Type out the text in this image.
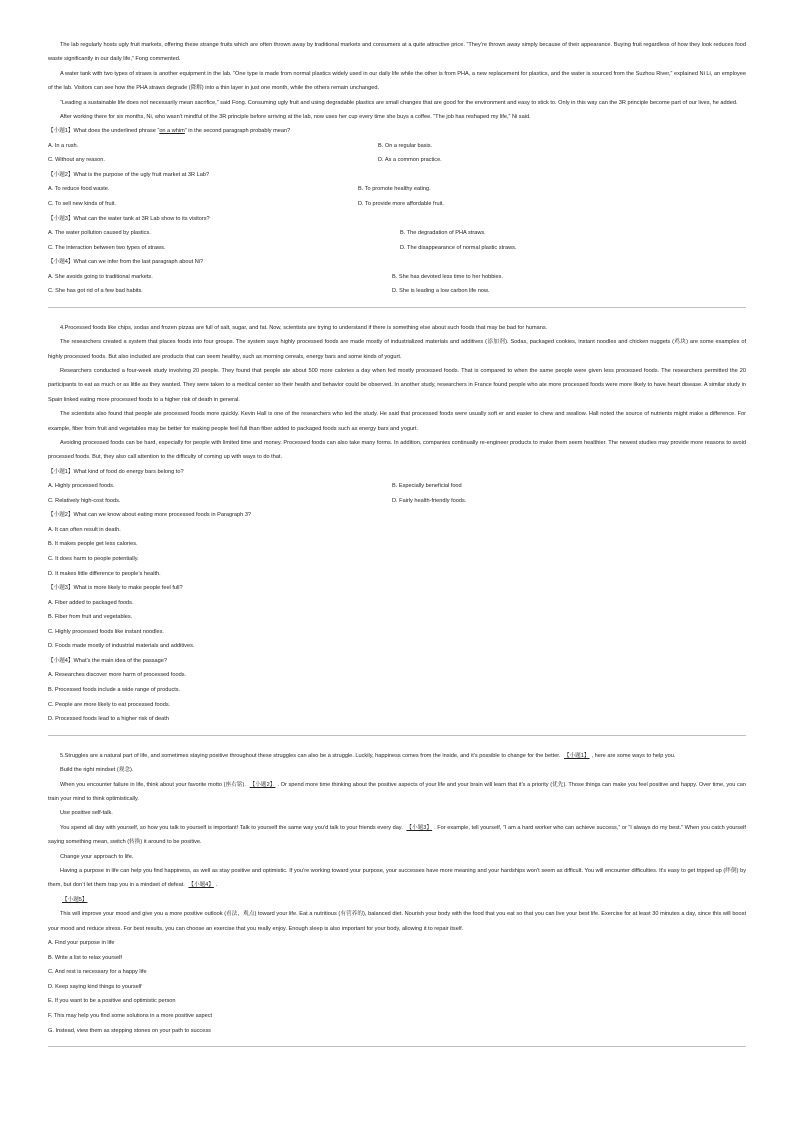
The lab regularly hosts ugly fruit markets, offering these strange fruits which are often thrown away by traditional markets and consumers at a quite attractive price. “They’re thrown away simply because of their appearance. Buying fruit regardless of how they look reduces food waste significantly in our daily life,” Fong commented.

A water tank with two types of straws is another equipment in the lab. “One type is made from normal plastics widely used in our daily life while the other is from PHA, a new replacement for plastics, and the water is sourced from the Suzhou River,” explained Ni Li, an employee of the lab. Visitors can see how the PHA straws degrade (降解) into a thin layer in just one month, while the others remain unchanged.

“Leading a sustainable life does not necessarily mean sacrifice,” said Fong. Consuming ugly fruit and using degradable plastics are small changes that are good for the environment and easy to stick to. Only in this way can the 3R principle become part of our lives, he added.

After working there for six months, Ni, who wasn’t mindful of the 3R principle before arriving at the lab, now uses her cup every time she buys a coffee. “The job has reshaped my life,” Ni said.

【小题1】What does the underlined phrase “on a whim” in the second paragraph probably mean?

A. In a rush.	B. On a regular basis.
C. Without any reason.	D. As a common practice.

【小题2】What is the purpose of the ugly fruit market at 3R Lab?

A. To reduce food waste.	B. To promote healthy eating.
C. To sell new kinds of fruit.	D. To provide more affordable fruit.

【小题3】What can the water tank at 3R Lab show to its visitors?

A. The water pollution caused by plastics.	B. The degradation of PHA straws.
C. The interaction between two types of straws.	D. The disappearance of normal plastic straws.

【小题4】What can we infer from the last paragraph about Ni?

A. She avoids going to traditional markets.	B. She has devoted less time to her hobbies.
C. She has got rid of a few bad habits.	D. She is leading a low carbon life now.

4.Processed foods like chips, sodas and frozen pizzas are full of salt, sugar, and fat. Now, scientists are trying to understand if there is something else about such foods that may be bad for humans.

The researchers created a system that places foods into four groups. The system says highly processed foods are made mostly of industrialized materials and additives (添加剂). Sodas, packaged cookies, instant noodles and chicken nuggets (鸡块) are some examples of highly processed foods. But also included are products that can seem healthy, such as morning cereals, energy bars and some kinds of yogurt.

Researchers conducted a four-week study involving 20 people. They found that people ate about 500 more calories a day when fed mostly processed foods. That is compared to when the same people were given less processed foods. The researchers permitted the 20 participants to eat as much or as little as they wanted. They were taken to a medical center so their health and behavior could be observed. In another study, researchers in France found people who ate more processed foods were more likely to have heart disease. A similar study in Spain linked eating more processed foods to a higher risk of death in general.

The scientists also found that people ate processed foods more quickly. Kevin Hall is one of the researchers who led the study. He said that processed foods were usually soft er and easier to chew and swallow. Hall noted the source of nutrients might make a difference. For example, fiber from fruit and vegetables may be better for making people feel full than fiber added to packaged foods such as energy bars and yogurt.

Avoiding processed foods can be hard, especially for people with limited time and money. Processed foods can also take many forms. In addition, companies continually re-engineer products to make them seem healthier. The newest studies may provide more reasons to avoid processed foods. But, they also call attention to the difficulty of coming up with ways to do that.

【小题1】What kind of food do energy bars belong to?

A. Highly processed foods.	B. Especially beneficial food
C. Relatively high-cost foods.	D. Fairly health-friendly foods.

【小题2】What can we know about eating more processed foods in Paragraph 3?

A. It can often result in death.

B. It makes people get less calories.

C. It does harm to people potentially.

D. It makes little difference to people’s health.

【小题3】What is more likely to make people feel full?

A. Fiber added to packaged foods.

B. Fiber from fruit and vegetables.

C. Highly processed foods like instant noodles.

D. Foods made mostly of industrial materials and additives.

【小题4】What’s the main idea of the passage?

A. Researches discover more harm of processed foods.

B. Processed foods include a wide range of products.

C. People are more likely to eat processed foods.

D. Processed foods lead to a higher risk of death

5.Struggles are a natural part of life, and sometimes staying positive throughout these struggles can also be a struggle. Luckily, happiness comes from the inside, and it’s possible to change for the better. 【小题1】 , here are some ways to help you.

Build the right mindset (观念).

When you encounter failure in life, think about your favorite motto (座右铭). 【小题2】 . Or spend more time thinking about the positive aspects of your life and your brain will learn that it’s a priority (优先). Those things can make you feel positive and happy. Over time, you can train your mind to think optimistically.

Use positive self-talk.

You spend all day with yourself, so how you talk to yourself is important! Talk to yourself the same way you’d talk to your friends every day. 【小题3】 . For example, tell yourself, “I am a hard worker who can achieve success,” or “I always do my best.” When you catch yourself saying something mean, switch (转换) it around to be positive.

Change your approach to life.

Having a purpose in life can help you find happiness, as well as stay positive and optimistic. If you’re working toward your purpose, your successes have more meaning and your hardships won’t seem as difficult. You will encounter difficulties. It’s easy to get tripped up (绊倒) by them, but don’t let them trap you in a mindset of defeat. 【小题4】 .

【小题5】

This will improve your mood and give you a more positive outlook (看法，观点) toward your life. Eat a nutritious (有营养的), balanced diet. Nourish your body with the food that you eat so that you can live your best life. Exercise for at least 30 minutes a day, since this will boost your mood and reduce stress. For best results, you can choose an exercise that you really enjoy. Enough sleep is also important for your body, allowing it to repair itself.

A. Find your purpose in life

B. Write a list to relax yourself

C. And rest is necessary for a happy life

D. Keep saying kind things to yourself

E. If you want to be a positive and optimistic person

F. This may help you find some solutions in a more positive aspect

G. Instead, view them as stepping stones on your path to success
